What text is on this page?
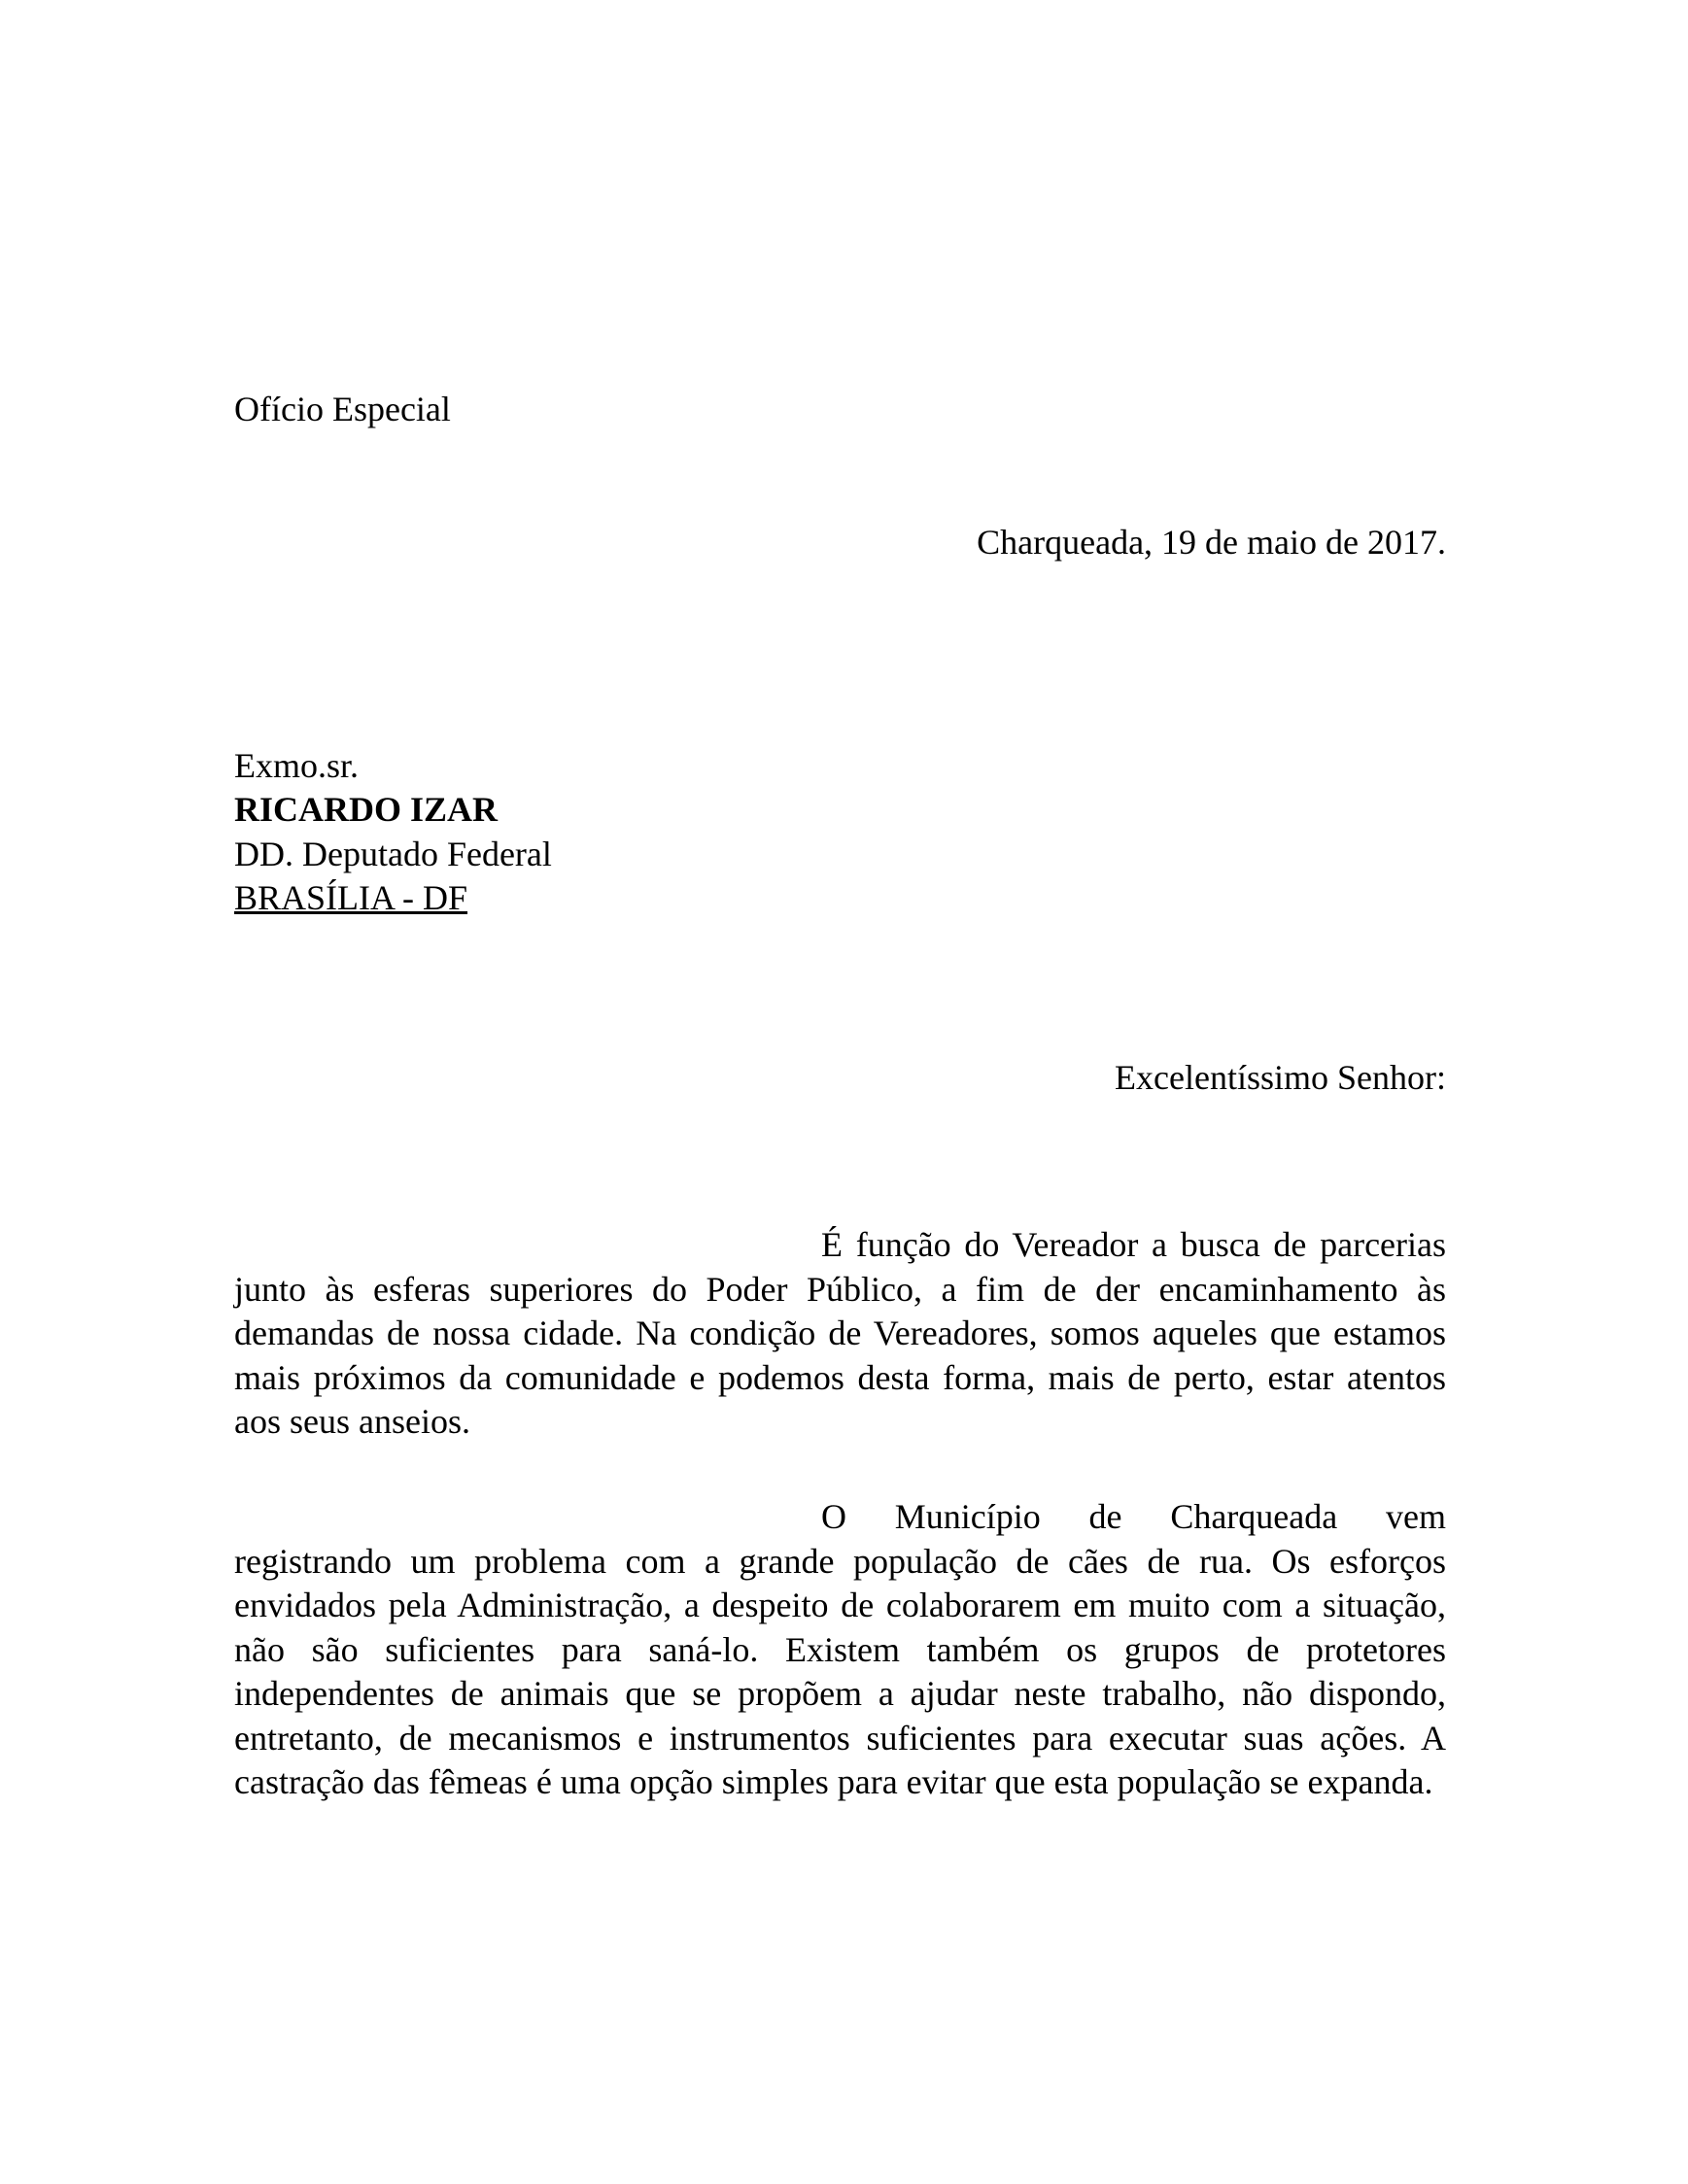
Ofício Especial
Charqueada, 19 de maio de 2017.
Exmo.sr.
RICARDO IZAR
DD. Deputado Federal
BRASÍLIA - DF
Excelentíssimo Senhor:

É função do Vereador a busca de parcerias junto às esferas superiores do Poder Público, a fim de der encaminhamento às demandas de nossa cidade. Na condição de Vereadores, somos aqueles que estamos mais próximos da comunidade e podemos desta forma, mais de perto, estar atentos aos seus anseios.

O Município de Charqueada vem registrando um problema com a grande população de cães de rua. Os esforços envidados pela Administração, a despeito de colaborarem em muito com a situação, não são suficientes para saná-lo. Existem também os grupos de protetores independentes de animais que se propõem a ajudar neste trabalho, não dispondo, entretanto, de mecanismos e instrumentos suficientes para executar suas ações. A castração das fêmeas é uma opção simples para evitar que esta população se expanda.
